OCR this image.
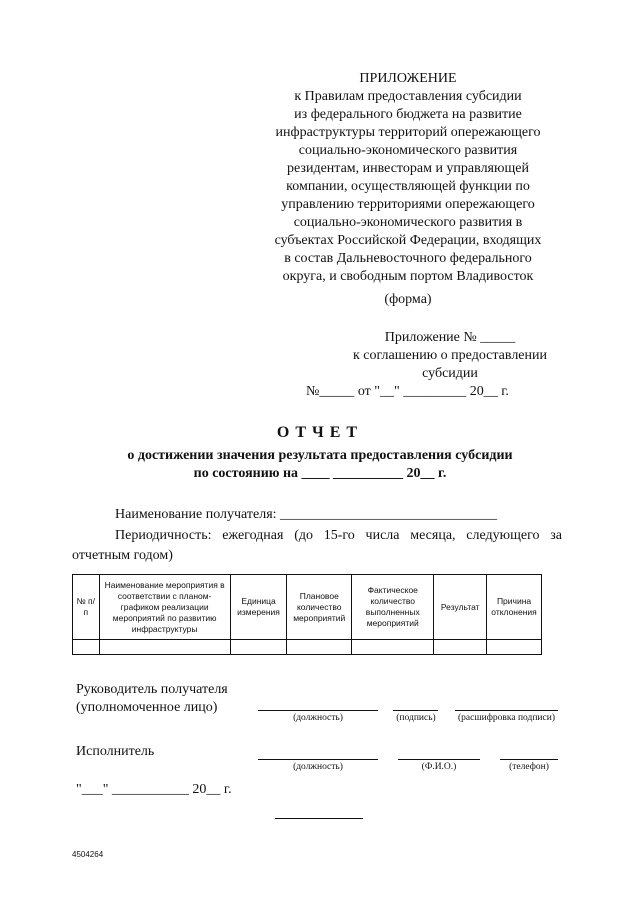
ПРИЛОЖЕНИЕ
к Правилам предоставления субсидии
из федерального бюджета на развитие
инфраструктуры территорий опережающего
социально-экономического развития
резидентам, инвесторам и управляющей
компании, осуществляющей функции по
управлению территориями опережающего
социально-экономического развития в
субъектах Российской Федерации, входящих
в состав Дальневосточного федерального
округа, и свободным портом Владивосток
(форма)
Приложение № _____
к соглашению о предоставлении
субсидии
№_____ от "__" _________ 20__ г.
ОТЧЕТ
о достижении значения результата предоставления субсидии
по состоянию на ____ __________ 20__ г.
Наименование получателя: _______________________________
Периодичность: ежегодная (до 15-го числа месяца, следующего за отчетным годом)
№ п/п	Наименование мероприятия в соответствии с планом-графиком реализации мероприятий по развитию инфраструктуры	Единица измерения	Плановое количество мероприятий	Фактическое количество выполненных мероприятий	Результат	Причина отклонения

Руководитель получателя
(уполномоченное лицо)
(должность)	(подпись)	(расшифровка подписи)
Исполнитель
(должность)	(Ф.И.О.)	(телефон)
"___" ___________ 20__ г.
4504264
